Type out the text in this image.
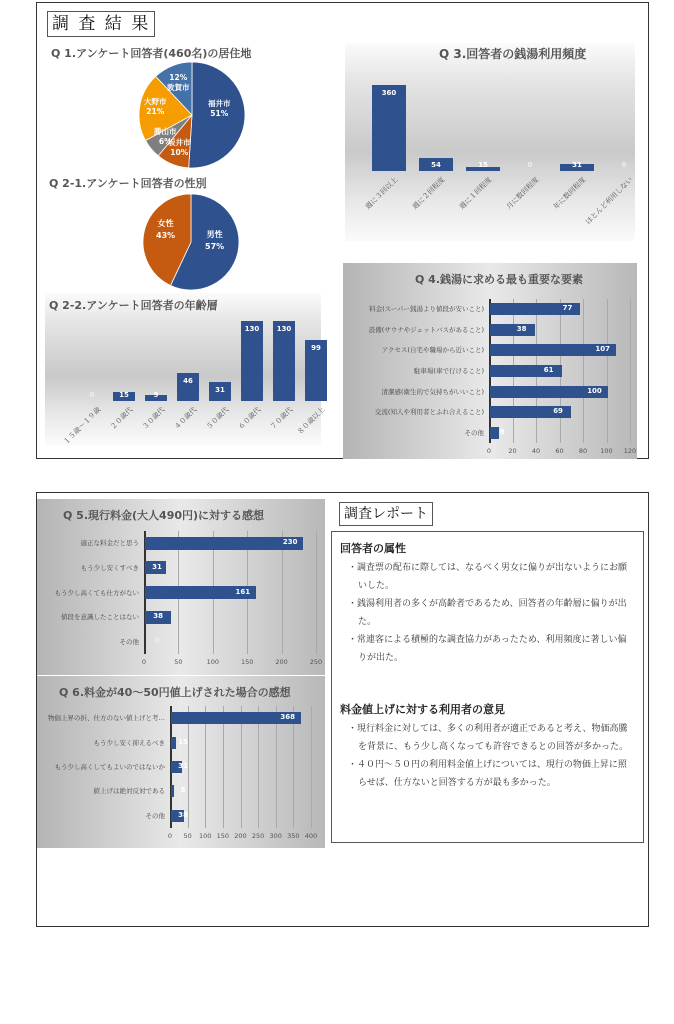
調 査 結 果
Q 1.アンケート回答者(460名)の居住地
福井市
51%
坂井市
10%
勝山市
6%
大野市
21%
12%
敦賀市
Q 2-1.アンケート回答者の性別
男性
57%
女性
43%
Q 2-2.アンケート回答者の年齢層
0
１５歳～１９歳
15
２０歳代
9
３０歳代
46
４０歳代
31
５０歳代
130
６０歳代
130
７０歳代
99
８０歳以上
Q 3.回答者の銭湯利用頻度
360
週に３回以上
54
週に２回程度
15
週に１回程度
0
月に数回程度
31
年に数回程度
0
ほとんど利用しない
Q 4.銭湯に求める最も重要な要素
0	20	40	60	80	100	120
77
料金(スーパー銭湯より値段が安いこと)
38
設備(サウナやジェットバスがあること)
107
アクセス(自宅や職場から近いこと)
61
駐車場(車で行けること)
100
清潔感(衛生的で気持ちがいいこと)
69
交流(知人や利用者とふれ合えること)
8
その他
Q 5.現行料金(大人490円)に対する感想
0	50	100	150	200	250
230
適正な料金だと思う
31
もう少し安くすべき
161
もう少し高くても仕方がない
38
値段を意識したことはない
0
その他
Q 6.料金が40～50円値上げされた場合の感想
0	50	100 150 200 250 300 350 400
368
物価上昇の折、仕方のない値上げと考…
15
もう少し安く抑えるべき
31
もう少し高くしてもよいのではないか
8
値上げは絶対反対である
38
その他
調査レポート
回答者の属性

・調査票の配布に際しては、なるべく男女に偏りが出ないようにお願いした。

・銭湯利用者の多くが高齢者であるため、回答者の年齢層に偏りが出た。

・常連客による積極的な調査協力があったため、利用頻度に著しい偏りが出た。

料金値上げに対する利用者の意見

・現行料金に対しては、多くの利用者が適正であると考え、物価高騰を背景に、もう少し高くなっても許容できるとの回答が多かった。

・４０円～５０円の利用料金値上げについては、現行の物価上昇に照らせば、仕方ないと回答する方が最も多かった。
